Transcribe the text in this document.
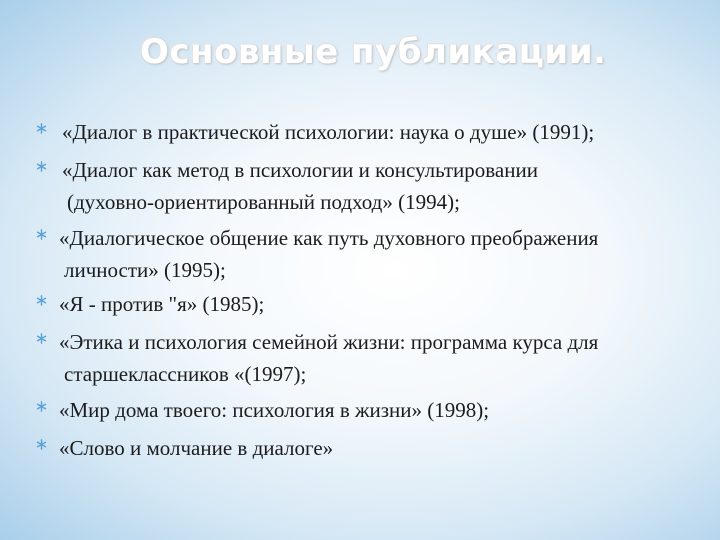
Основные публикации.
«Диалог в практической психологии: наука о душе» (1991);
«Диалог как метод в психологии и консультировании
(духовно-ориентированный подход» (1994);
«Диалогическое общение как путь духовного преображения
личности» (1995);
«Я - против "я» (1985);
«Этика и психология семейной жизни: программа курса для
старшеклассников «(1997);
«Мир дома твоего: психология в жизни» (1998);
«Слово и молчание в диалоге»
